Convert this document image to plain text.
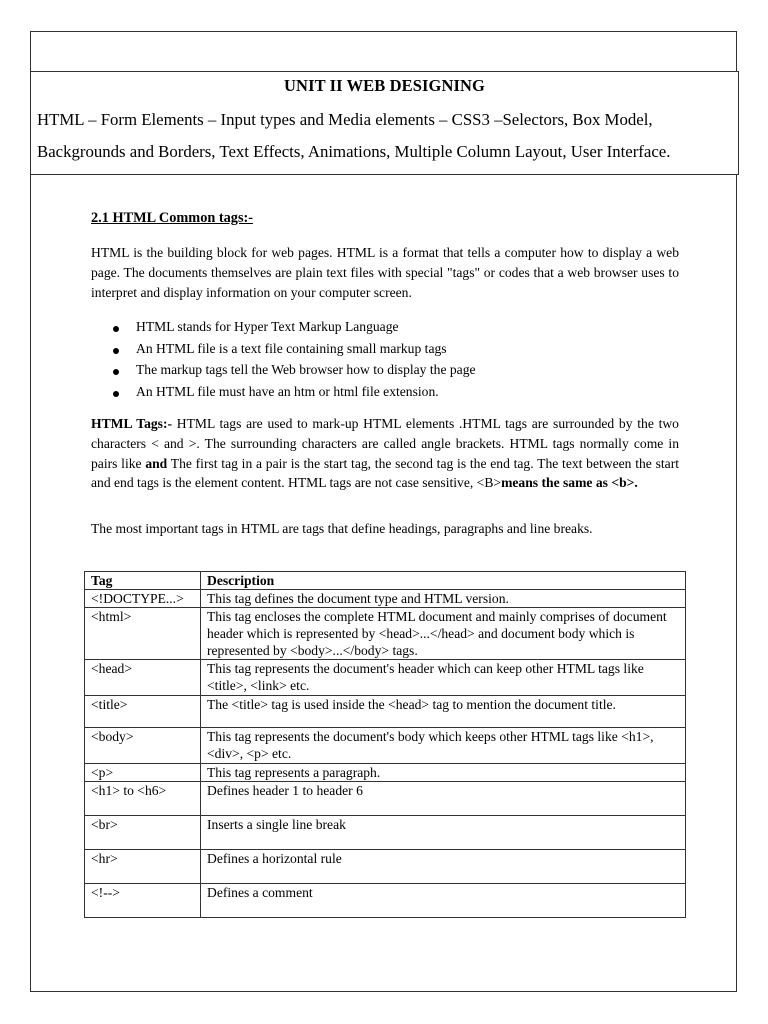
UNIT II WEB DESIGNING
HTML – Form Elements – Input types and Media elements – CSS3 –Selectors, Box Model,
Backgrounds and Borders, Text Effects, Animations, Multiple Column Layout, User Interface.
2.1 HTML Common tags:-
HTML is the building block for web pages. HTML is a format that tells a computer how to display a web page. The documents themselves are plain text files with special "tags" or codes that a web browser uses to interpret and display information on your computer screen.
HTML stands for Hyper Text Markup Language
An HTML file is a text file containing small markup tags
The markup tags tell the Web browser how to display the page
An HTML file must have an htm or html file extension.
HTML Tags:- HTML tags are used to mark-up HTML elements .HTML tags are surrounded by the two characters < and >. The surrounding characters are called angle brackets. HTML tags normally come in pairs like and The first tag in a pair is the start tag, the second tag is the end tag. The text between the start and end tags is the element content. HTML tags are not case sensitive, <B>means the same as <b>.
The most important tags in HTML are tags that define headings, paragraphs and line breaks.
Tag	Description
<!DOCTYPE...>	This tag defines the document type and HTML version.
<html>	This tag encloses the complete HTML document and mainly comprises of document header which is represented by <head>...</head> and document body which is represented by <body>...</body> tags.
<head>	This tag represents the document's header which can keep other HTML tags like <title>, <link> etc.
<title>	The <title> tag is used inside the <head> tag to mention the document title.
<body>	This tag represents the document's body which keeps other HTML tags like <h1>, <div>, <p> etc.
<p>	This tag represents a paragraph.
<h1> to <h6>	Defines header 1 to header 6
<br>	Inserts a single line break
<hr>	Defines a horizontal rule
<!-->	Defines a comment
